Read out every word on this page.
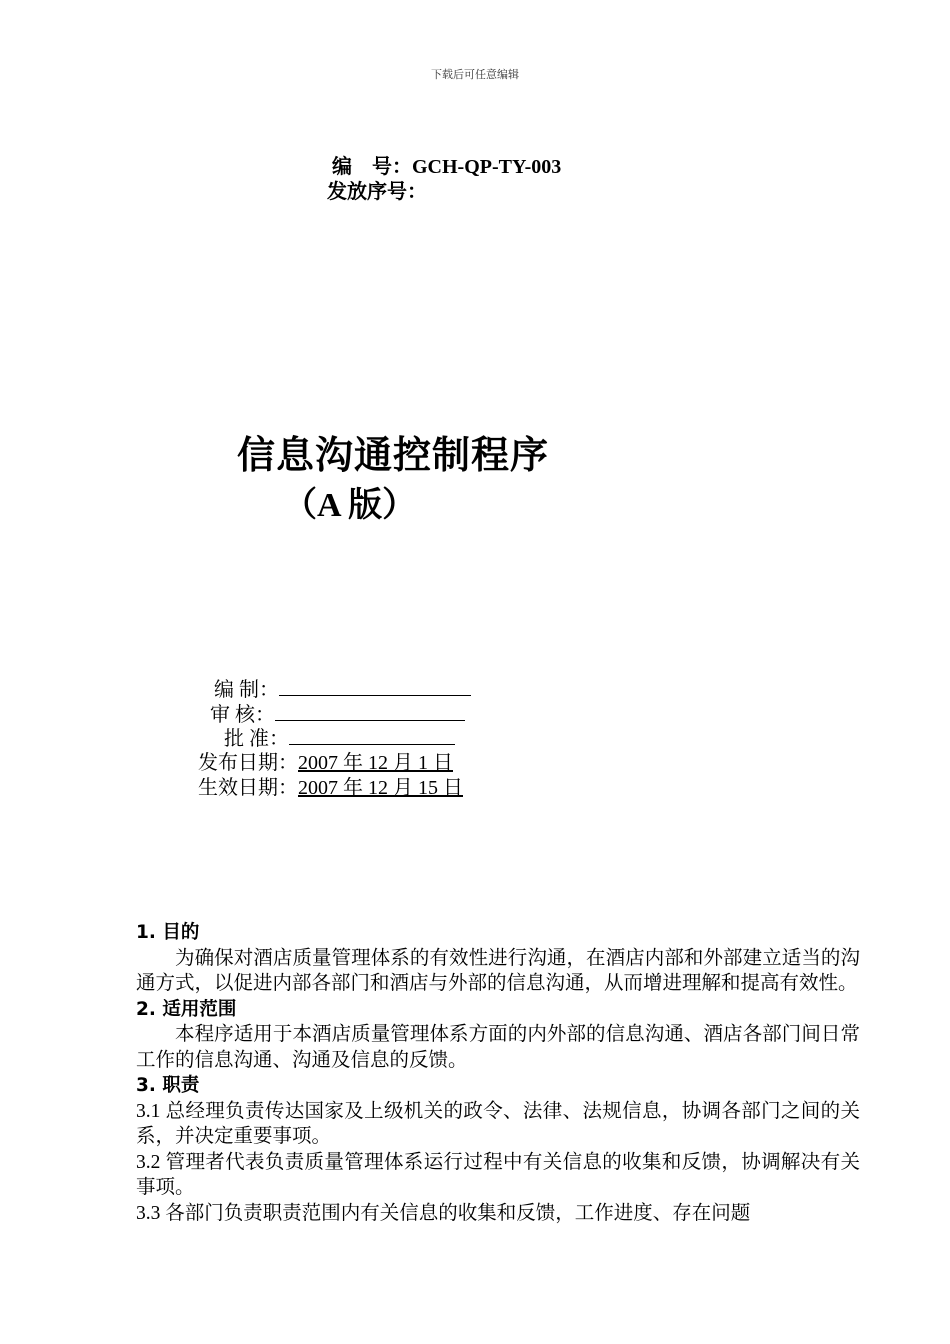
下载后可任意编辑
编　号：GCH-QP-TY-003
发放序号：
信息沟通控制程序
（A 版）
编 制：
审 核：
批 准：
发布日期：2007 年 12 月 1 日
生效日期：2007 年 12 月 15 日

1. 目的

为确保对酒店质量管理体系的有效性进行沟通，在酒店内部和外部建立适当的沟通方式，以促进内部各部门和酒店与外部的信息沟通，从而增进理解和提高有效性。

2. 适用范围

本程序适用于本酒店质量管理体系方面的内外部的信息沟通、酒店各部门间日常工作的信息沟通、沟通及信息的反馈。

3. 职责

3.1 总经理负责传达国家及上级机关的政令、法律、法规信息，协调各部门之间的关系，并决定重要事项。

3.2 管理者代表负责质量管理体系运行过程中有关信息的收集和反馈，协调解决有关事项。

3.3 各部门负责职责范围内有关信息的收集和反馈，工作进度、存在问题
